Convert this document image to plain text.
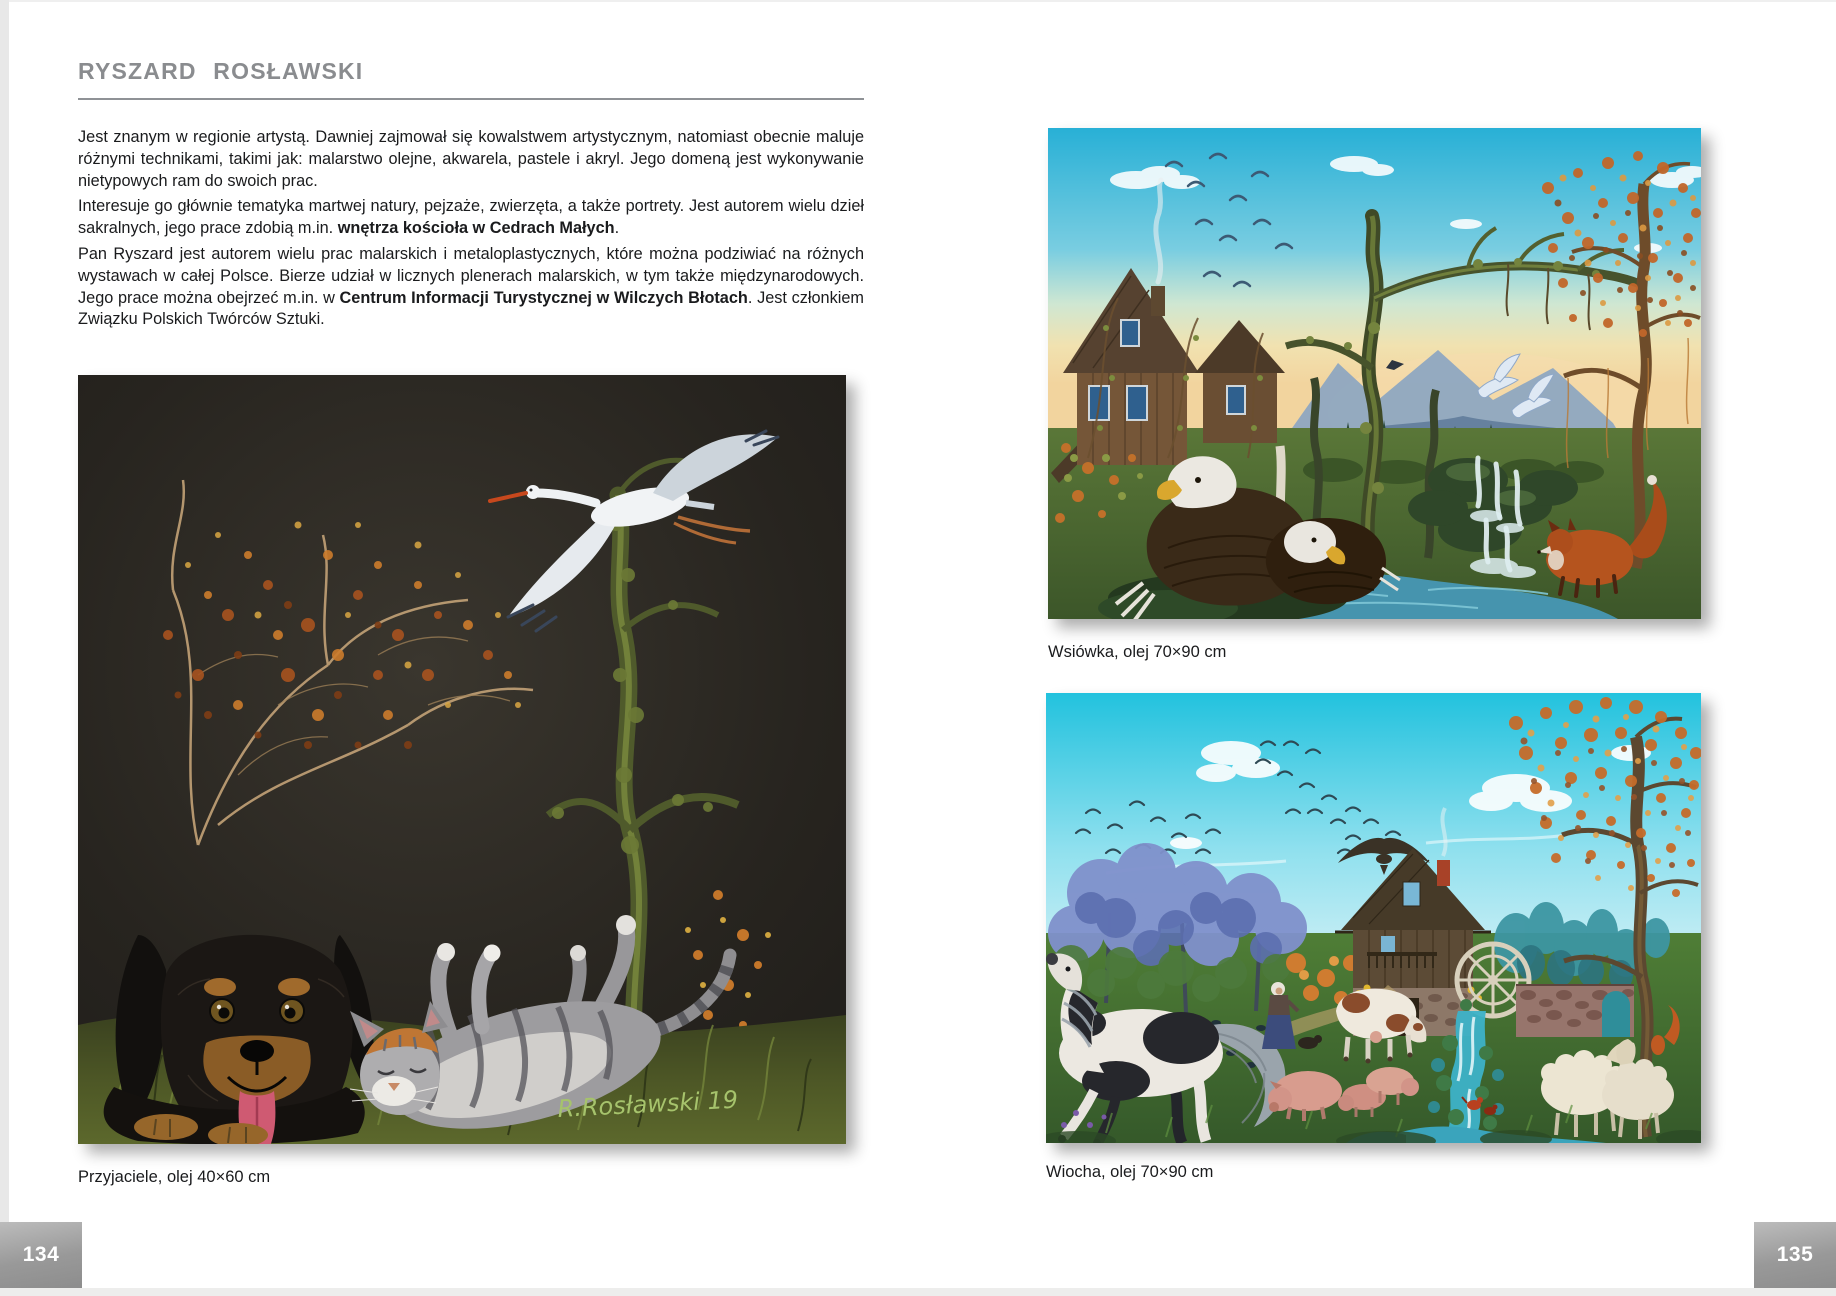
RYSZARD ROSŁAWSKI

Jest znanym w regionie artystą. Dawniej zajmował się kowalstwem artystycznym, natomiast obecnie maluje różnymi technikami, takimi jak: malarstwo olejne, akwarela, pastele i akryl. Jego domeną jest wykonywanie nietypowych ram do swoich prac.

Interesuje go głównie tematyka martwej natury, pejzaże, zwierzęta, a także portrety. Jest autorem wielu dzieł sakralnych, jego prace zdobią m.in. wnętrza kościoła w Cedrach Małych.

Pan Ryszard jest autorem wielu prac malarskich i metaloplastycznych, które można podziwiać na różnych wystawach w całej Polsce. Bierze udział w licznych plenerach malarskich, w tym także międzynarodowych. Jego prace można obejrzeć m.in. w Centrum Informacji Turystycznej w Wilczych Błotach. Jest członkiem Związku Polskich Twórców Sztuki.

R.Rosławski 19
Przyjaciele, olej 40×60 cm
134
Wsiówka, olej 70×90 cm
Wiocha, olej 70×90 cm
135
